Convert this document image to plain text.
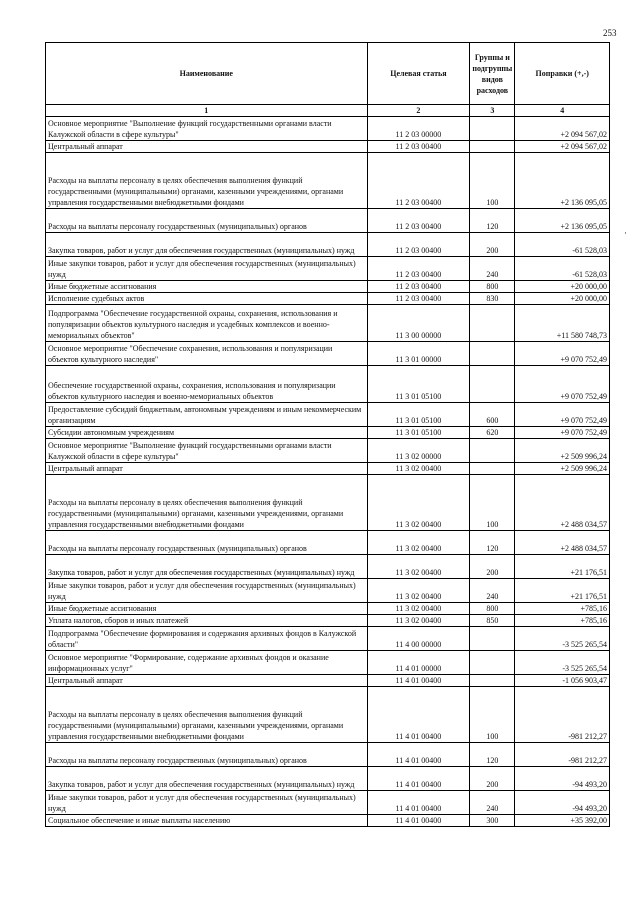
253
·
Наименование	Целевая статья	Группы и подгруппы видов расходов	Поправки (+,-)
1	2	3	4
Основное мероприятие "Выполнение функций государственными органами власти Калужской области в сфере культуры"	11 2 03 00000		+2 094 567,02
Центральный аппарат	11 2 03 00400		+2 094 567,02
Расходы на выплаты персоналу в целях обеспечения выполнения функций государственными (муниципальными) органами, казенными учреждениями, органами управления государственными внебюджетными фондами	11 2 03 00400	100	+2 136 095,05
Расходы на выплаты персоналу государственных (муниципальных) органов	11 2 03 00400	120	+2 136 095,05
Закупка товаров, работ и услуг для обеспечения государственных (муниципальных) нужд	11 2 03 00400	200	-61 528,03
Иные закупки товаров, работ и услуг для обеспечения государственных (муниципальных) нужд	11 2 03 00400	240	-61 528,03
Иные бюджетные ассигнования	11 2 03 00400	800	+20 000,00
Исполнение судебных актов	11 2 03 00400	830	+20 000,00
Подпрограмма "Обеспечение государственной охраны, сохранения, использования и популяризации объектов культурного наследия и усадебных комплексов и военно-мемориальных объектов"	11 3 00 00000		+11 580 748,73
Основное мероприятие "Обеспечение сохранения, использования и популяризации объектов культурного наследия"	11 3 01 00000		+9 070 752,49
Обеспечение государственной охраны, сохранения, использования и популяризации объектов культурного наследия и военно-мемориальных объектов	11 3 01 05100		+9 070 752,49
Предоставление субсидий бюджетным, автономным учреждениям и иным некоммерческим организациям	11 3 01 05100	600	+9 070 752,49
Субсидии автономным учреждениям	11 3 01 05100	620	+9 070 752,49
Основное мероприятие "Выполнение функций государственными органами власти Калужской области в сфере культуры"	11 3 02 00000		+2 509 996,24
Центральный аппарат	11 3 02 00400		+2 509 996,24
Расходы на выплаты персоналу в целях обеспечения выполнения функций государственными (муниципальными) органами, казенными учреждениями, органами управления государственными внебюджетными фондами	11 3 02 00400	100	+2 488 034,57
Расходы на выплаты персоналу государственных (муниципальных) органов	11 3 02 00400	120	+2 488 034,57
Закупка товаров, работ и услуг для обеспечения государственных (муниципальных) нужд	11 3 02 00400	200	+21 176,51
Иные закупки товаров, работ и услуг для обеспечения государственных (муниципальных) нужд	11 3 02 00400	240	+21 176,51
Иные бюджетные ассигнования	11 3 02 00400	800	+785,16
Уплата налогов, сборов и иных платежей	11 3 02 00400	850	+785,16
Подпрограмма "Обеспечение формирования и содержания архивных фондов в Калужской области"	11 4 00 00000		-3 525 265,54
Основное мероприятие "Формирование, содержание архивных фондов и оказание информационных услуг"	11 4 01 00000		-3 525 265,54
Центральный аппарат	11 4 01 00400		-1 056 903,47
Расходы на выплаты персоналу в целях обеспечения выполнения функций государственными (муниципальными) органами, казенными учреждениями, органами управления государственными внебюджетными фондами	11 4 01 00400	100	-981 212,27
Расходы на выплаты персоналу государственных (муниципальных) органов	11 4 01 00400	120	-981 212,27
Закупка товаров, работ и услуг для обеспечения государственных (муниципальных) нужд	11 4 01 00400	200	-94 493,20
Иные закупки товаров, работ и услуг для обеспечения государственных (муниципальных) нужд	11 4 01 00400	240	-94 493,20
Социальное обеспечение и иные выплаты населению	11 4 01 00400	300	+35 392,00
